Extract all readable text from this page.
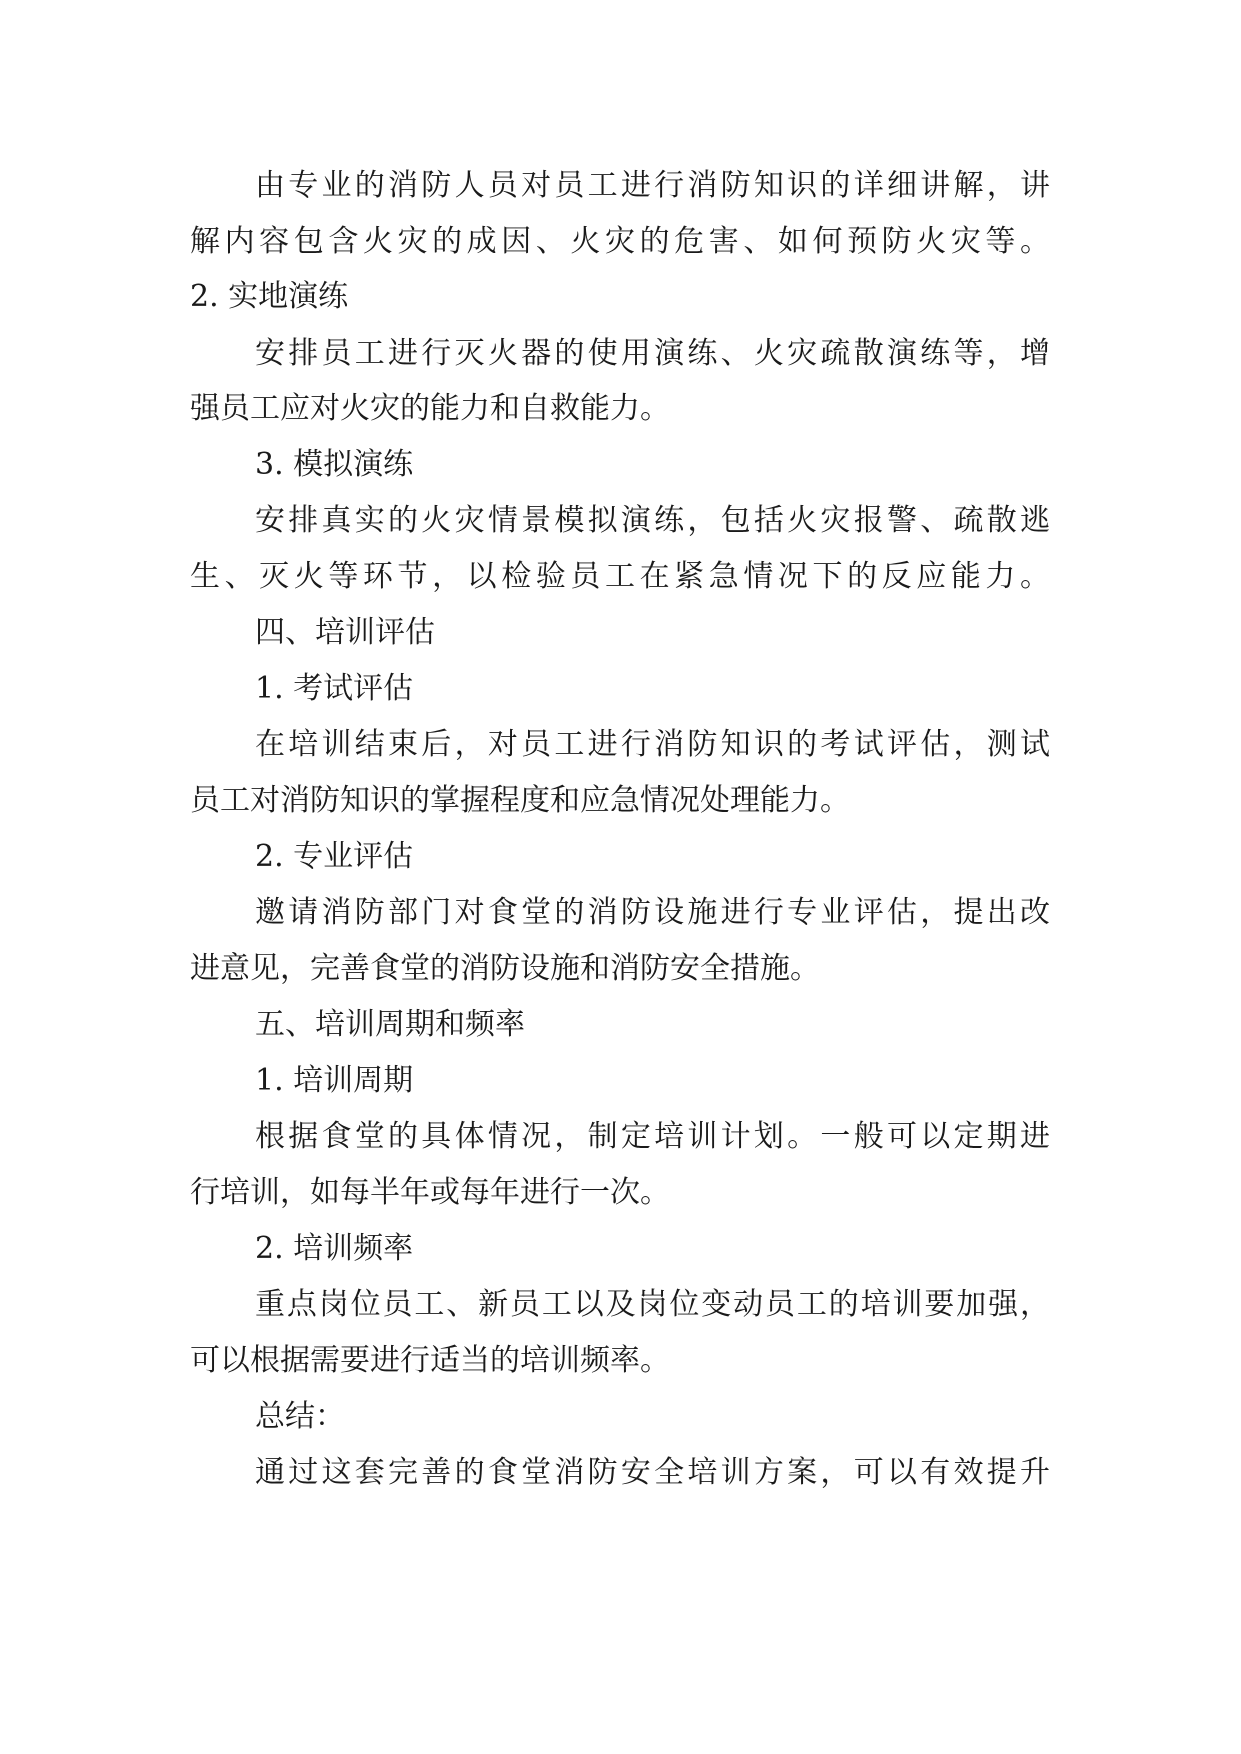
由专业的消防人员对员工进行消防知识的详细讲解，讲
解内容包含火灾的成因、火灾的危害、如何预防火灾等。
2. 实地演练
安排员工进行灭火器的使用演练、火灾疏散演练等，增
强员工应对火灾的能力和自救能力。
3. 模拟演练
安排真实的火灾情景模拟演练，包括火灾报警、疏散逃
生、灭火等环节，以检验员工在紧急情况下的反应能力。
四、培训评估
1. 考试评估
在培训结束后，对员工进行消防知识的考试评估，测试
员工对消防知识的掌握程度和应急情况处理能力。
2. 专业评估
邀请消防部门对食堂的消防设施进行专业评估，提出改
进意见，完善食堂的消防设施和消防安全措施。
五、培训周期和频率
1. 培训周期
根据食堂的具体情况，制定培训计划。一般可以定期进
行培训，如每半年或每年进行一次。
2. 培训频率
重点岗位员工、新员工以及岗位变动员工的培训要加强，
可以根据需要进行适当的培训频率。
总结：
通过这套完善的食堂消防安全培训方案，可以有效提升
